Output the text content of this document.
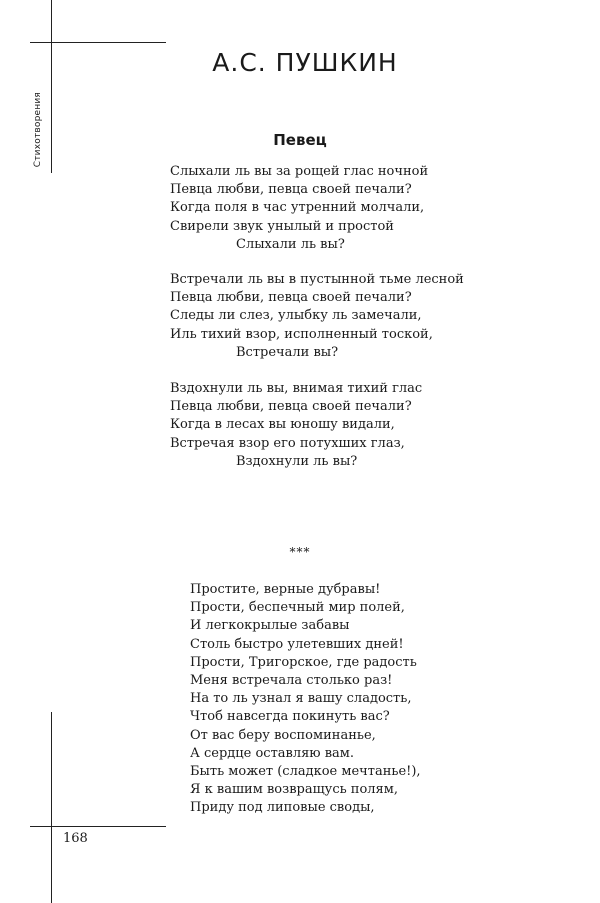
Стихотворения
А.С. ПУШКИН
Певец
Слыхали ль вы за рощей глас ночной
Певца любви, певца своей печали?
Когда поля в час утренний молчали,
Свирели звук унылый и простой
Слыхали ль вы?
Встречали ль вы в пустынной тьме лесной
Певца любви, певца своей печали?
Следы ли слез, улыбку ль замечали,
Иль тихий взор, исполненный тоской,
Встречали вы?
Вздохнули ль вы, внимая тихий глас
Певца любви, певца своей печали?
Когда в лесах вы юношу видали,
Встречая взор его потухших глаз,
Вздохнули ль вы?
***
Простите, верные дубравы!
Прости, беспечный мир полей,
И легкокрылые забавы
Столь быстро улетевших дней!
Прости, Тригорское, где радость
Меня встречала столько раз!
На то ль узнал я вашу сладость,
Чтоб навсегда покинуть вас?
От вас беру воспоминанье,
А сердце оставляю вам.
Быть может (сладкое мечтанье!),
Я к вашим возвращусь полям,
Приду под липовые своды,
168
